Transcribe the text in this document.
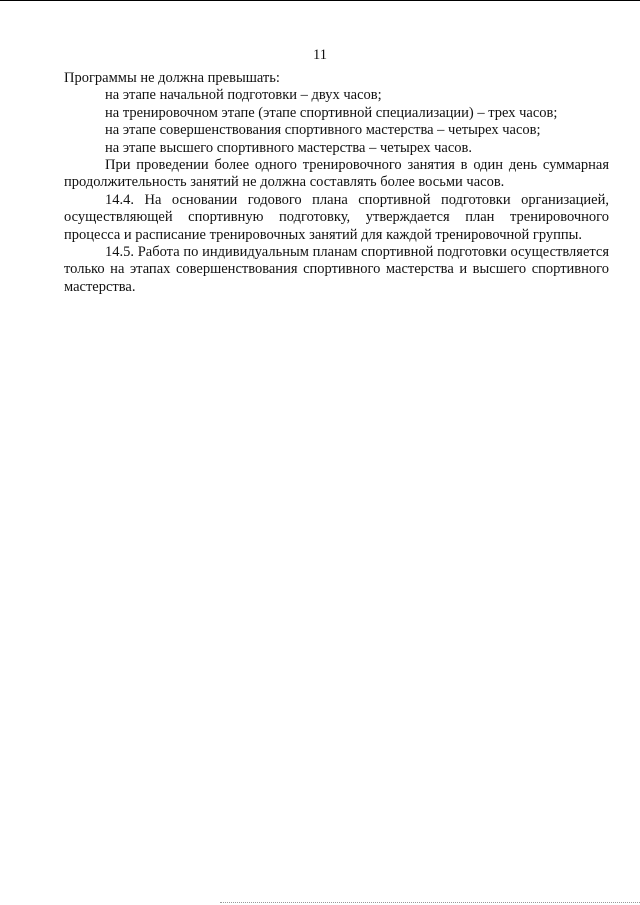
11

Программы не должна превышать:

на этапе начальной подготовки – двух часов;

на тренировочном этапе (этапе спортивной специализации) – трех часов;

на этапе совершенствования спортивного мастерства – четырех часов;

на этапе высшего спортивного мастерства – четырех часов.

При проведении более одного тренировочного занятия в один день суммарная продолжительность занятий не должна составлять более восьми часов.

14.4. На основании годового плана спортивной подготовки организацией, осуществляющей спортивную подготовку, утверждается план тренировочного процесса и расписание тренировочных занятий для каждой тренировочной группы.

14.5. Работа по индивидуальным планам спортивной подготовки осуществляется только на этапах совершенствования спортивного мастерства и высшего спортивного мастерства.
